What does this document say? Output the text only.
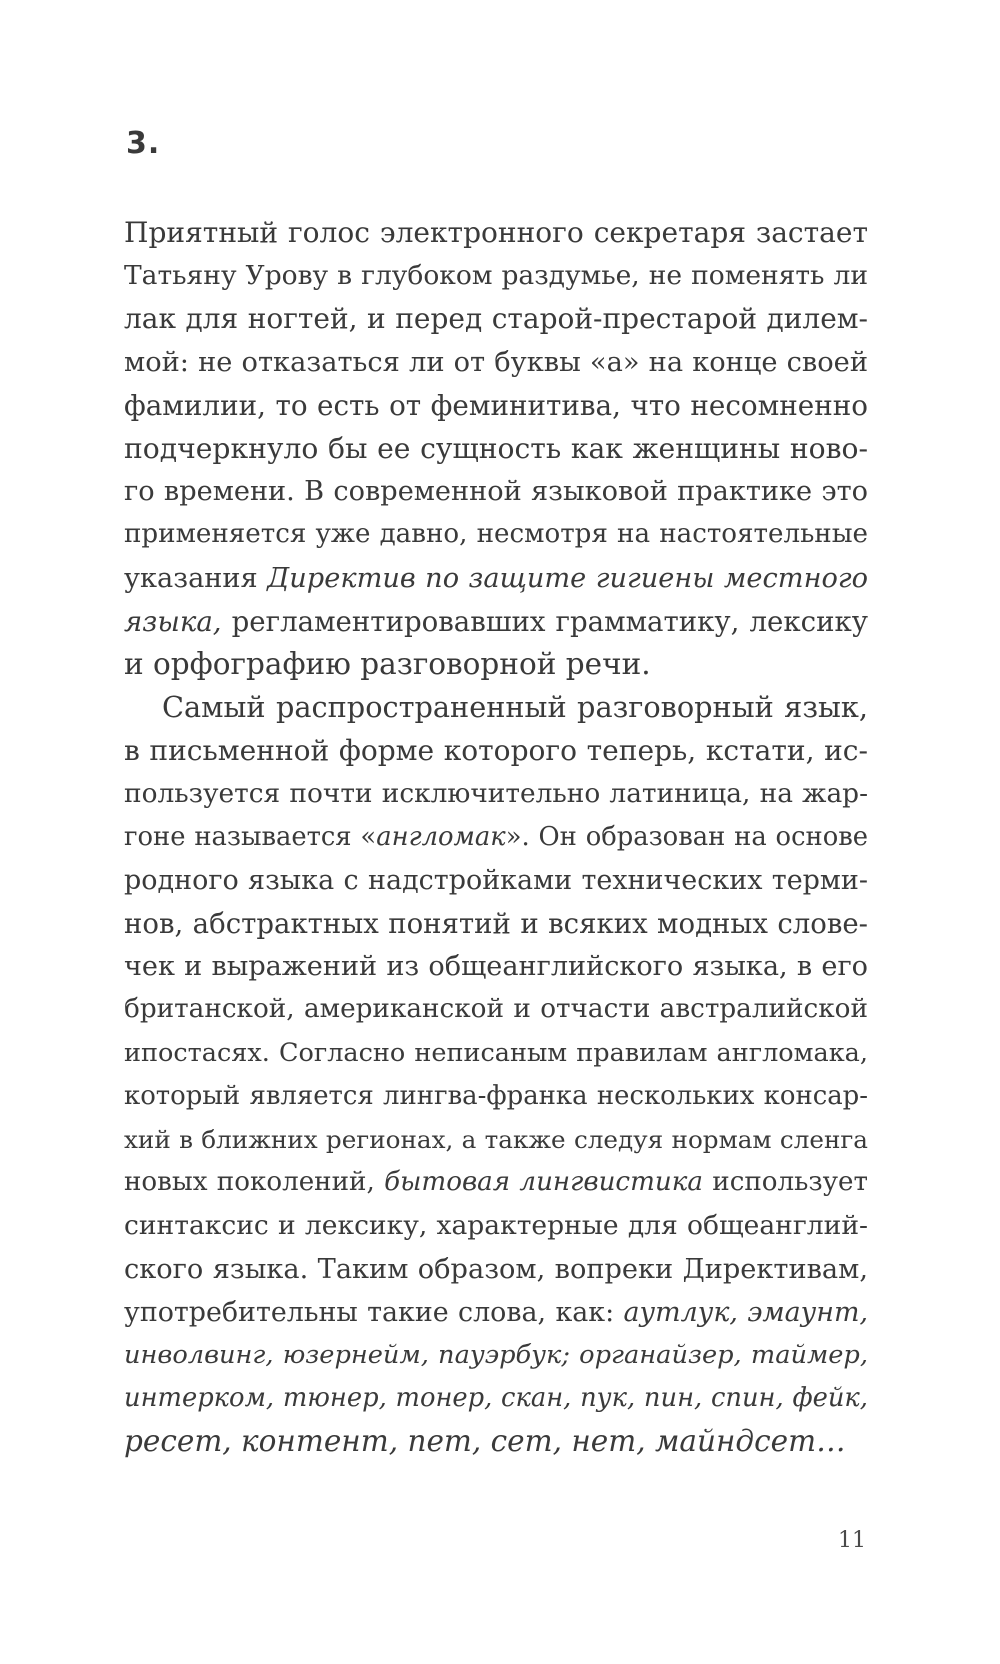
3.
Приятный голос электронного секретаря застает
Татьяну Урову в глубоком раздумье, не поменять ли
лак для ногтей, и перед старой-престарой дилем-
мой: не отказаться ли от буквы «а» на конце своей
фамилии, то есть от феминитива, что несомненно
подчеркнуло бы ее сущность как женщины ново-
го времени. В современной языковой практике это
применяется уже давно, несмотря на настоятельные
указания Директив по защите гигиены местного
языка, регламентировавших грамматику, лексику
и орфографию разговорной речи.
Самый распространенный разговорный язык,
в письменной форме которого теперь, кстати, ис-
пользуется почти исключительно латиница, на жар-
гоне называется «англомак». Он образован на основе
родного языка с надстройками технических терми-
нов, абстрактных понятий и всяких модных слове-
чек и выражений из общеанглийского языка, в его
британской, американской и отчасти австралийской
ипостасях. Согласно неписаным правилам англомака,
который является лингва-франка нескольких консар-
хий в ближних регионах, а также следуя нормам сленга
новых поколений, бытовая лингвистика использует
синтаксис и лексику, характерные для общеанглий-
ского языка. Таким образом, вопреки Директивам,
употребительны такие слова, как: аутлук, эмаунт,
инволвинг, юзернейм, пауэрбук; органайзер, таймер,
интерком, тюнер, тонер, скан, пук, пин, спин, фейк,
ресет, контент, пет, сет, нет, майндсет…
11
